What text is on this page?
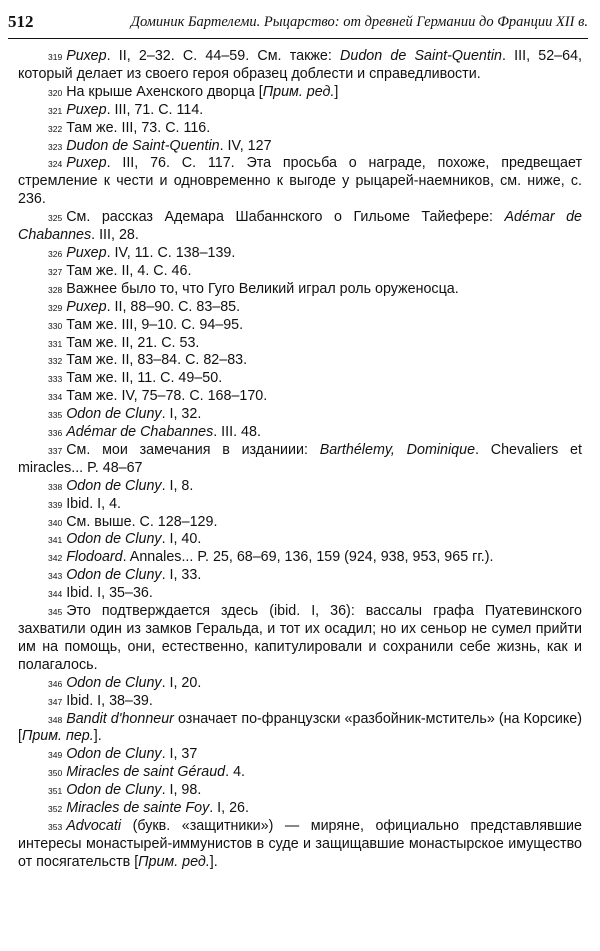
512	Доминик Бартелеми. Рыцарство: от древней Германии до Франции XII в.

$^{319}$ Рихер. II, 2–32. С. 44–59. См. также: Dudon de Saint-Quentin. III, 52–64, который делает из своего героя образец доблести и справедливости.

$^{320}$ На крыше Ахенского дворца [Прим. ред.]

$^{321}$ Рихер. III, 71. С. 114.

$^{322}$ Там же. III, 73. С. 116.

$^{323}$ Dudon de Saint-Quentin. IV, 127

$^{324}$ Рихер. III, 76. С. 117. Эта просьба о награде, похоже, предвещает стремление к чести и одновременно к выгоде у рыцарей-наемников, см. ниже, с. 236.

$^{325}$ См. рассказ Адемара Шабаннского о Гильоме Тайефере: Adémar de Chabannes. III, 28.

$^{326}$ Рихер. IV, 11. С. 138–139.

$^{327}$ Там же. II, 4. С. 46.

$^{328}$ Важнее было то, что Гуго Великий играл роль оруженосца.

$^{329}$ Рихер. II, 88–90. С. 83–85.

$^{330}$ Там же. III, 9–10. С. 94–95.

$^{331}$ Там же. II, 21. С. 53.

$^{332}$ Там же. II, 83–84. С. 82–83.

$^{333}$ Там же. II, 11. С. 49–50.

$^{334}$ Там же. IV, 75–78. С. 168–170.

$^{335}$ Odon de Cluny. I, 32.

$^{336}$ Adémar de Chabannes. III. 48.

$^{337}$ См. мои замечания в изданиии: Barthélemy, Dominique. Chevaliers et miracles... P. 48–67

$^{338}$ Odon de Cluny. I, 8.

$^{339}$ Ibid. I, 4.

$^{340}$ См. выше. С. 128–129.

$^{341}$ Odon de Cluny. I, 40.

$^{342}$ Flodoard. Annales... P. 25, 68–69, 136, 159 (924, 938, 953, 965 гг.).

$^{343}$ Odon de Cluny. I, 33.

$^{344}$ Ibid. I, 35–36.

$^{345}$ Это подтверждается здесь (ibid. I, 36): вассалы графа Пуатевинского захватили один из замков Геральда, и тот их осадил; но их сеньор не сумел прийти им на помощь, они, естественно, капитулировали и сохранили себе жизнь, как и полагалось.

$^{346}$ Odon de Cluny. I, 20.

$^{347}$ Ibid. I, 38–39.

$^{348}$ Bandit d'honneur означает по-французски «разбойник-мститель» (на Корсике) [Прим. пер.].

$^{349}$ Odon de Cluny. I, 37

$^{350}$ Miracles de saint Géraud. 4.

$^{351}$ Odon de Cluny. I, 98.

$^{352}$ Miracles de sainte Foy. I, 26.

$^{353}$ Advocati (букв. «защитники») — миряне, официально представлявшие интересы монастырей-иммунистов в суде и защищавшие монастырское имущество от посягательств [Прим. ред.].
